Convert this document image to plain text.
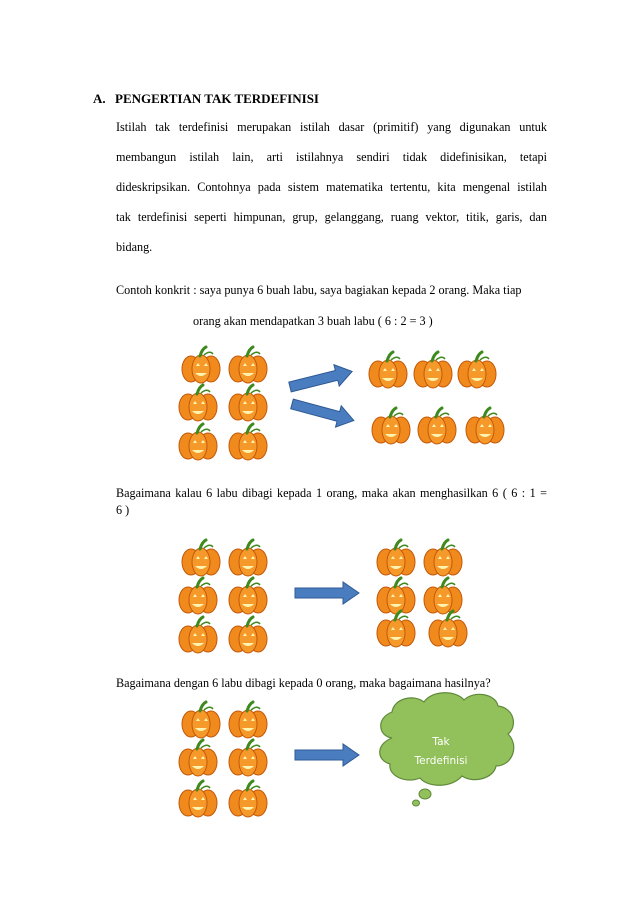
A. PENGERTIAN TAK TERDEFINISI
Istilah tak terdefinisi merupakan istilah dasar (primitif) yang digunakan untuk
membangun istilah lain, arti istilahnya sendiri tidak didefinisikan, tetapi
dideskripsikan. Contohnya pada sistem matematika tertentu, kita mengenal istilah
tak terdefinisi seperti himpunan, grup, gelanggang, ruang vektor, titik, garis, dan
bidang.
Contoh konkrit : saya punya 6 buah labu, saya bagiakan kepada 2 orang. Maka tiap
orang akan mendapatkan 3 buah labu ( 6 : 2 = 3 )
Bagaimana kalau 6 labu dibagi kepada 1 orang, maka akan menghasilkan 6 ( 6 : 1 =
6 )
Bagaimana dengan 6 labu dibagi kepada 0 orang, maka bagaimana hasilnya?
Tak
Terdefinisi
